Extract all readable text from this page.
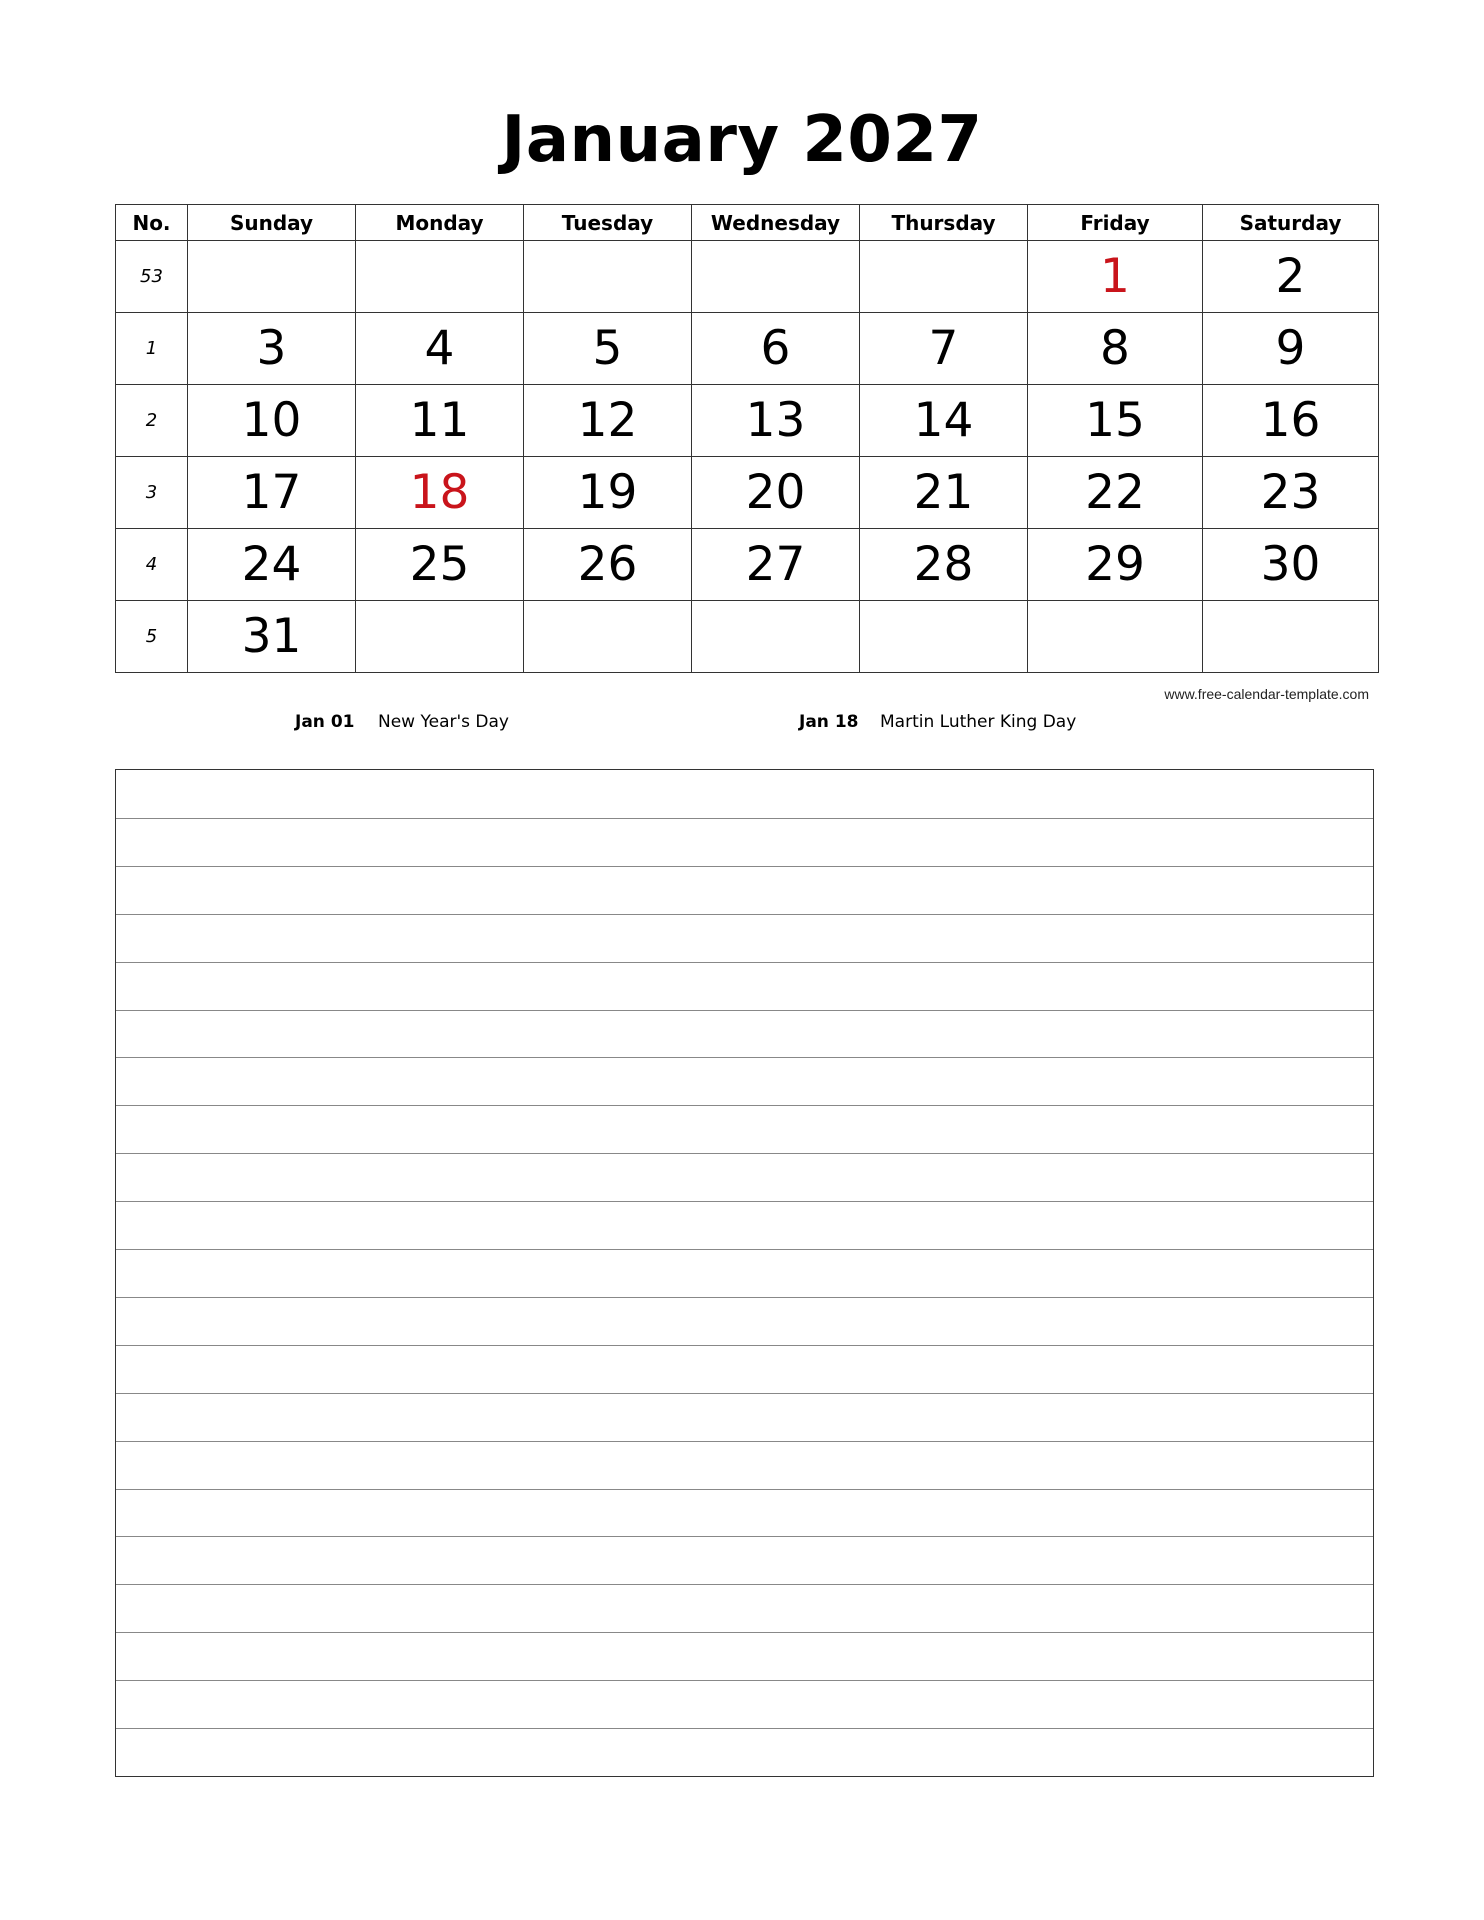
January 2027
No.	Sunday	Monday	Tuesday	Wednesday	Thursday	Friday	Saturday
53						1	2
1	3	4	5	6	7	8	9
2	10	11	12	13	14	15	16
3	17	18	19	20	21	22	23
4	24	25	26	27	28	29	30
5	31						
www.free-calendar-template.com
Jan 01 New Year's Day	Jan 18 Martin Luther King Day
